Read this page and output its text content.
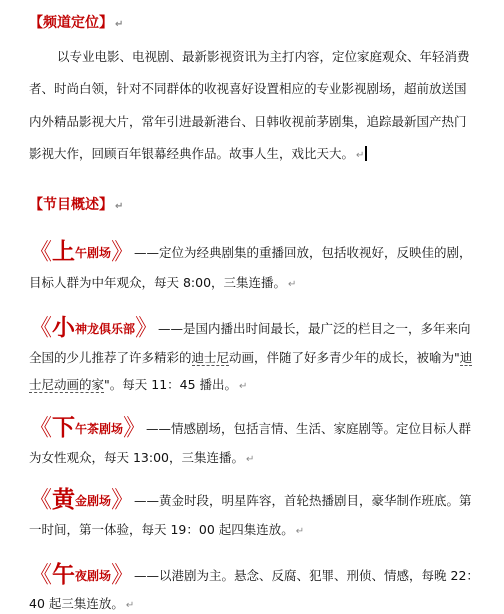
【频道定位】 ↵
以专业电影、电视剧、最新影视资讯为主打内容，定位家庭观众、年轻消费
者、时尚白领，针对不同群体的收视喜好设置相应的专业影视剧场，超前放送国
内外精品影视大片，常年引进最新港台、日韩收视前茅剧集，追踪最新国产热门
影视大作，回顾百年银幕经典作品。故事人生，戏比天大。 ↵
【节目概述】 ↵
《上午剧场》——定位为经典剧集的重播回放，包括收视好，反映佳的剧，
目标人群为中年观众，每天 8:00，三集连播。 ↵
《小神龙俱乐部》——是国内播出时间最长，最广泛的栏目之一，多年来向
全国的少儿推荐了许多精彩的迪士尼动画，伴随了好多青少年的成长，被喻为"迪
士尼动画的家"。每天 11：45 播出。 ↵
《下午茶剧场》——情感剧场，包括言情、生活、家庭剧等。定位目标人群
为女性观众，每天 13:00，三集连播。 ↵
《黄金剧场》——黄金时段，明星阵容，首轮热播剧目，豪华制作班底。第
一时间，第一体验，每天 19：00 起四集连放。 ↵
《午夜剧场》——以港剧为主。悬念、反腐、犯罪、刑侦、情感，每晚 22：
40 起三集连放。 ↵
